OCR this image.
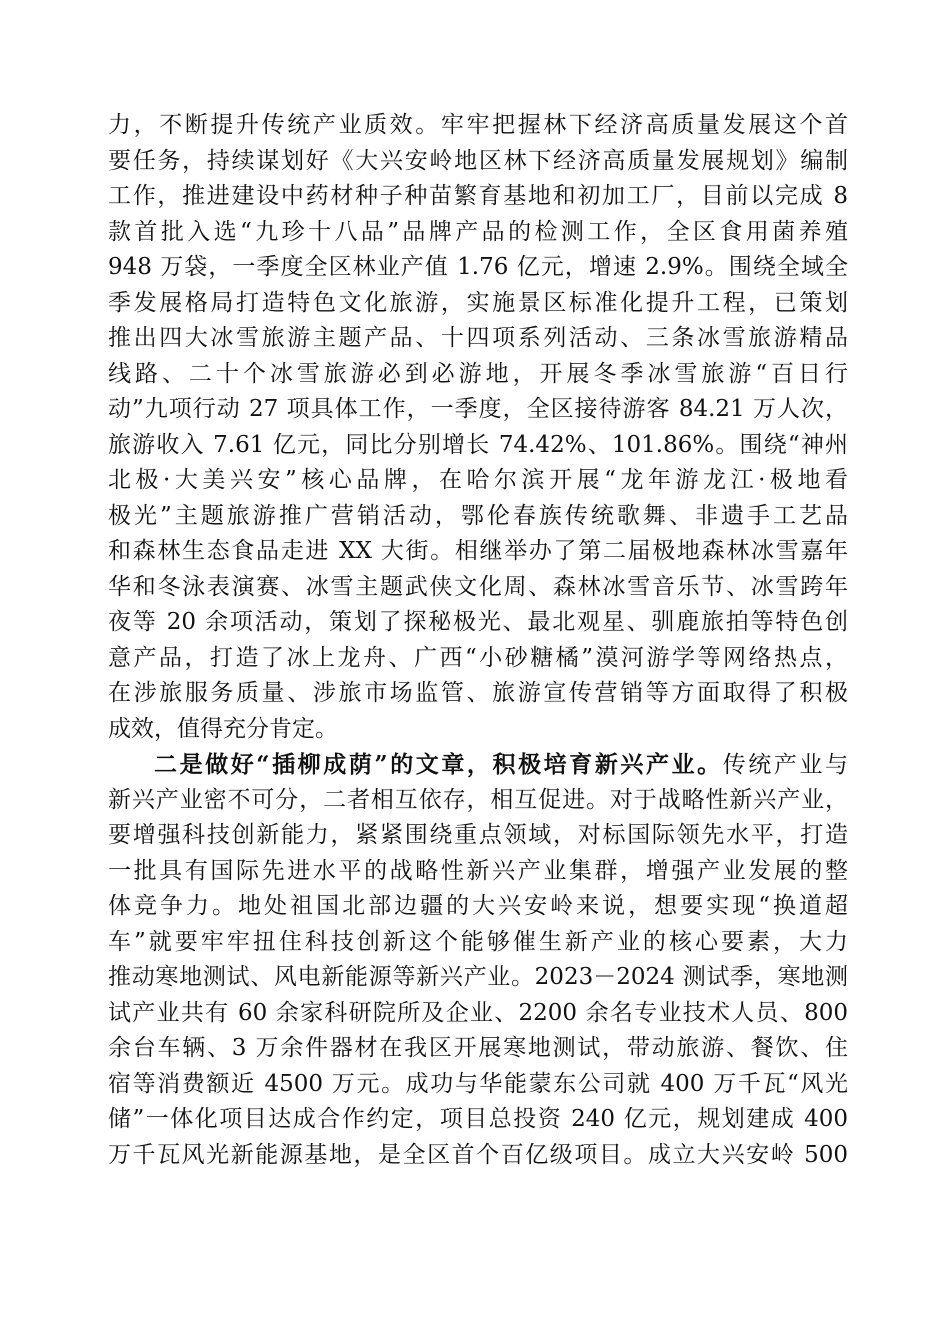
力，不断提升传统产业质效。牢牢把握林下经济高质量发展这个首
要任务，持续谋划好《大兴安岭地区林下经济高质量发展规划》编制
工作，推进建设中药材种子种苗繁育基地和初加工厂，目前以完成 8
款首批入选“九珍十八品”品牌产品的检测工作，全区食用菌养殖
948 万袋，一季度全区林业产值 1.76 亿元，增速 2.9%。围绕全域全
季发展格局打造特色文化旅游，实施景区标准化提升工程，已策划
推出四大冰雪旅游主题产品、十四项系列活动、三条冰雪旅游精品
线路、二十个冰雪旅游必到必游地，开展冬季冰雪旅游“百日行
动”九项行动 27 项具体工作，一季度，全区接待游客 84.21 万人次，
旅游收入 7.61 亿元，同比分别增长 74.42%、101.86%。围绕“神州
北极·大美兴安”核心品牌，在哈尔滨开展“龙年游龙江·极地看
极光”主题旅游推广营销活动，鄂伦春族传统歌舞、非遗手工艺品
和森林生态食品走进 XX 大街。相继举办了第二届极地森林冰雪嘉年
华和冬泳表演赛、冰雪主题武侠文化周、森林冰雪音乐节、冰雪跨年
夜等 20 余项活动，策划了探秘极光、最北观星、驯鹿旅拍等特色创
意产品，打造了冰上龙舟、广西“小砂糖橘”漠河游学等网络热点，
在涉旅服务质量、涉旅市场监管、旅游宣传营销等方面取得了积极
成效，值得充分肯定。
二是做好“插柳成荫”的文章，积极培育新兴产业。传统产业与
新兴产业密不可分，二者相互依存，相互促进。对于战略性新兴产业，
要增强科技创新能力，紧紧围绕重点领域，对标国际领先水平，打造
一批具有国际先进水平的战略性新兴产业集群，增强产业发展的整
体竞争力。地处祖国北部边疆的大兴安岭来说，想要实现“换道超
车”就要牢牢扭住科技创新这个能够催生新产业的核心要素，大力
推动寒地测试、风电新能源等新兴产业。2023－2024 测试季，寒地测
试产业共有 60 余家科研院所及企业、2200 余名专业技术人员、800
余台车辆、3 万余件器材在我区开展寒地测试，带动旅游、餐饮、住
宿等消费额近 4500 万元。成功与华能蒙东公司就 400 万千瓦“风光
储”一体化项目达成合作约定，项目总投资 240 亿元，规划建成 400
万千瓦风光新能源基地，是全区首个百亿级项目。成立大兴安岭 500
